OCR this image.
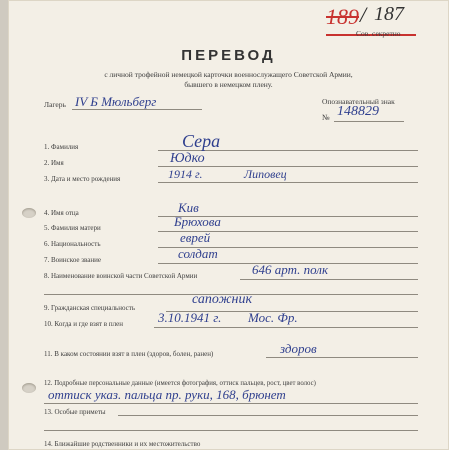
189 / 187
Сов. секретно
ПЕРЕВОД
с личной трофейной немецкой карточки военнослужащего Советской Армии,
бывшего в немецком плену.
Лагерь IV Б Мюльберг	Опознавательный знак
№ 148829
1. Фамилия	Сера
2. Имя	Юдко
3. Дата и место рождения	1914 г.	Липовец
4. Имя отца	Кив
5. Фамилия матери	Брюхова
6. Национальность	еврей
7. Воинское звание	солдат
8. Наименование воинской части Советской Армии	646 арт. полк
9. Гражданская специальность
сапожник
10. Когда и где взят в плен	3.10.1941 г. Мос. Фр.
11. В каком состоянии взят в плен (здоров, болен, ранен)	здоров
12. Подробные персональные данные (имеется фотография, оттиск пальцев, рост, цвет волос)
оттиск указ. пальца пр. руки, 168, брюнет
13. Особые приметы
14. Ближайшие родственники и их местожительство
